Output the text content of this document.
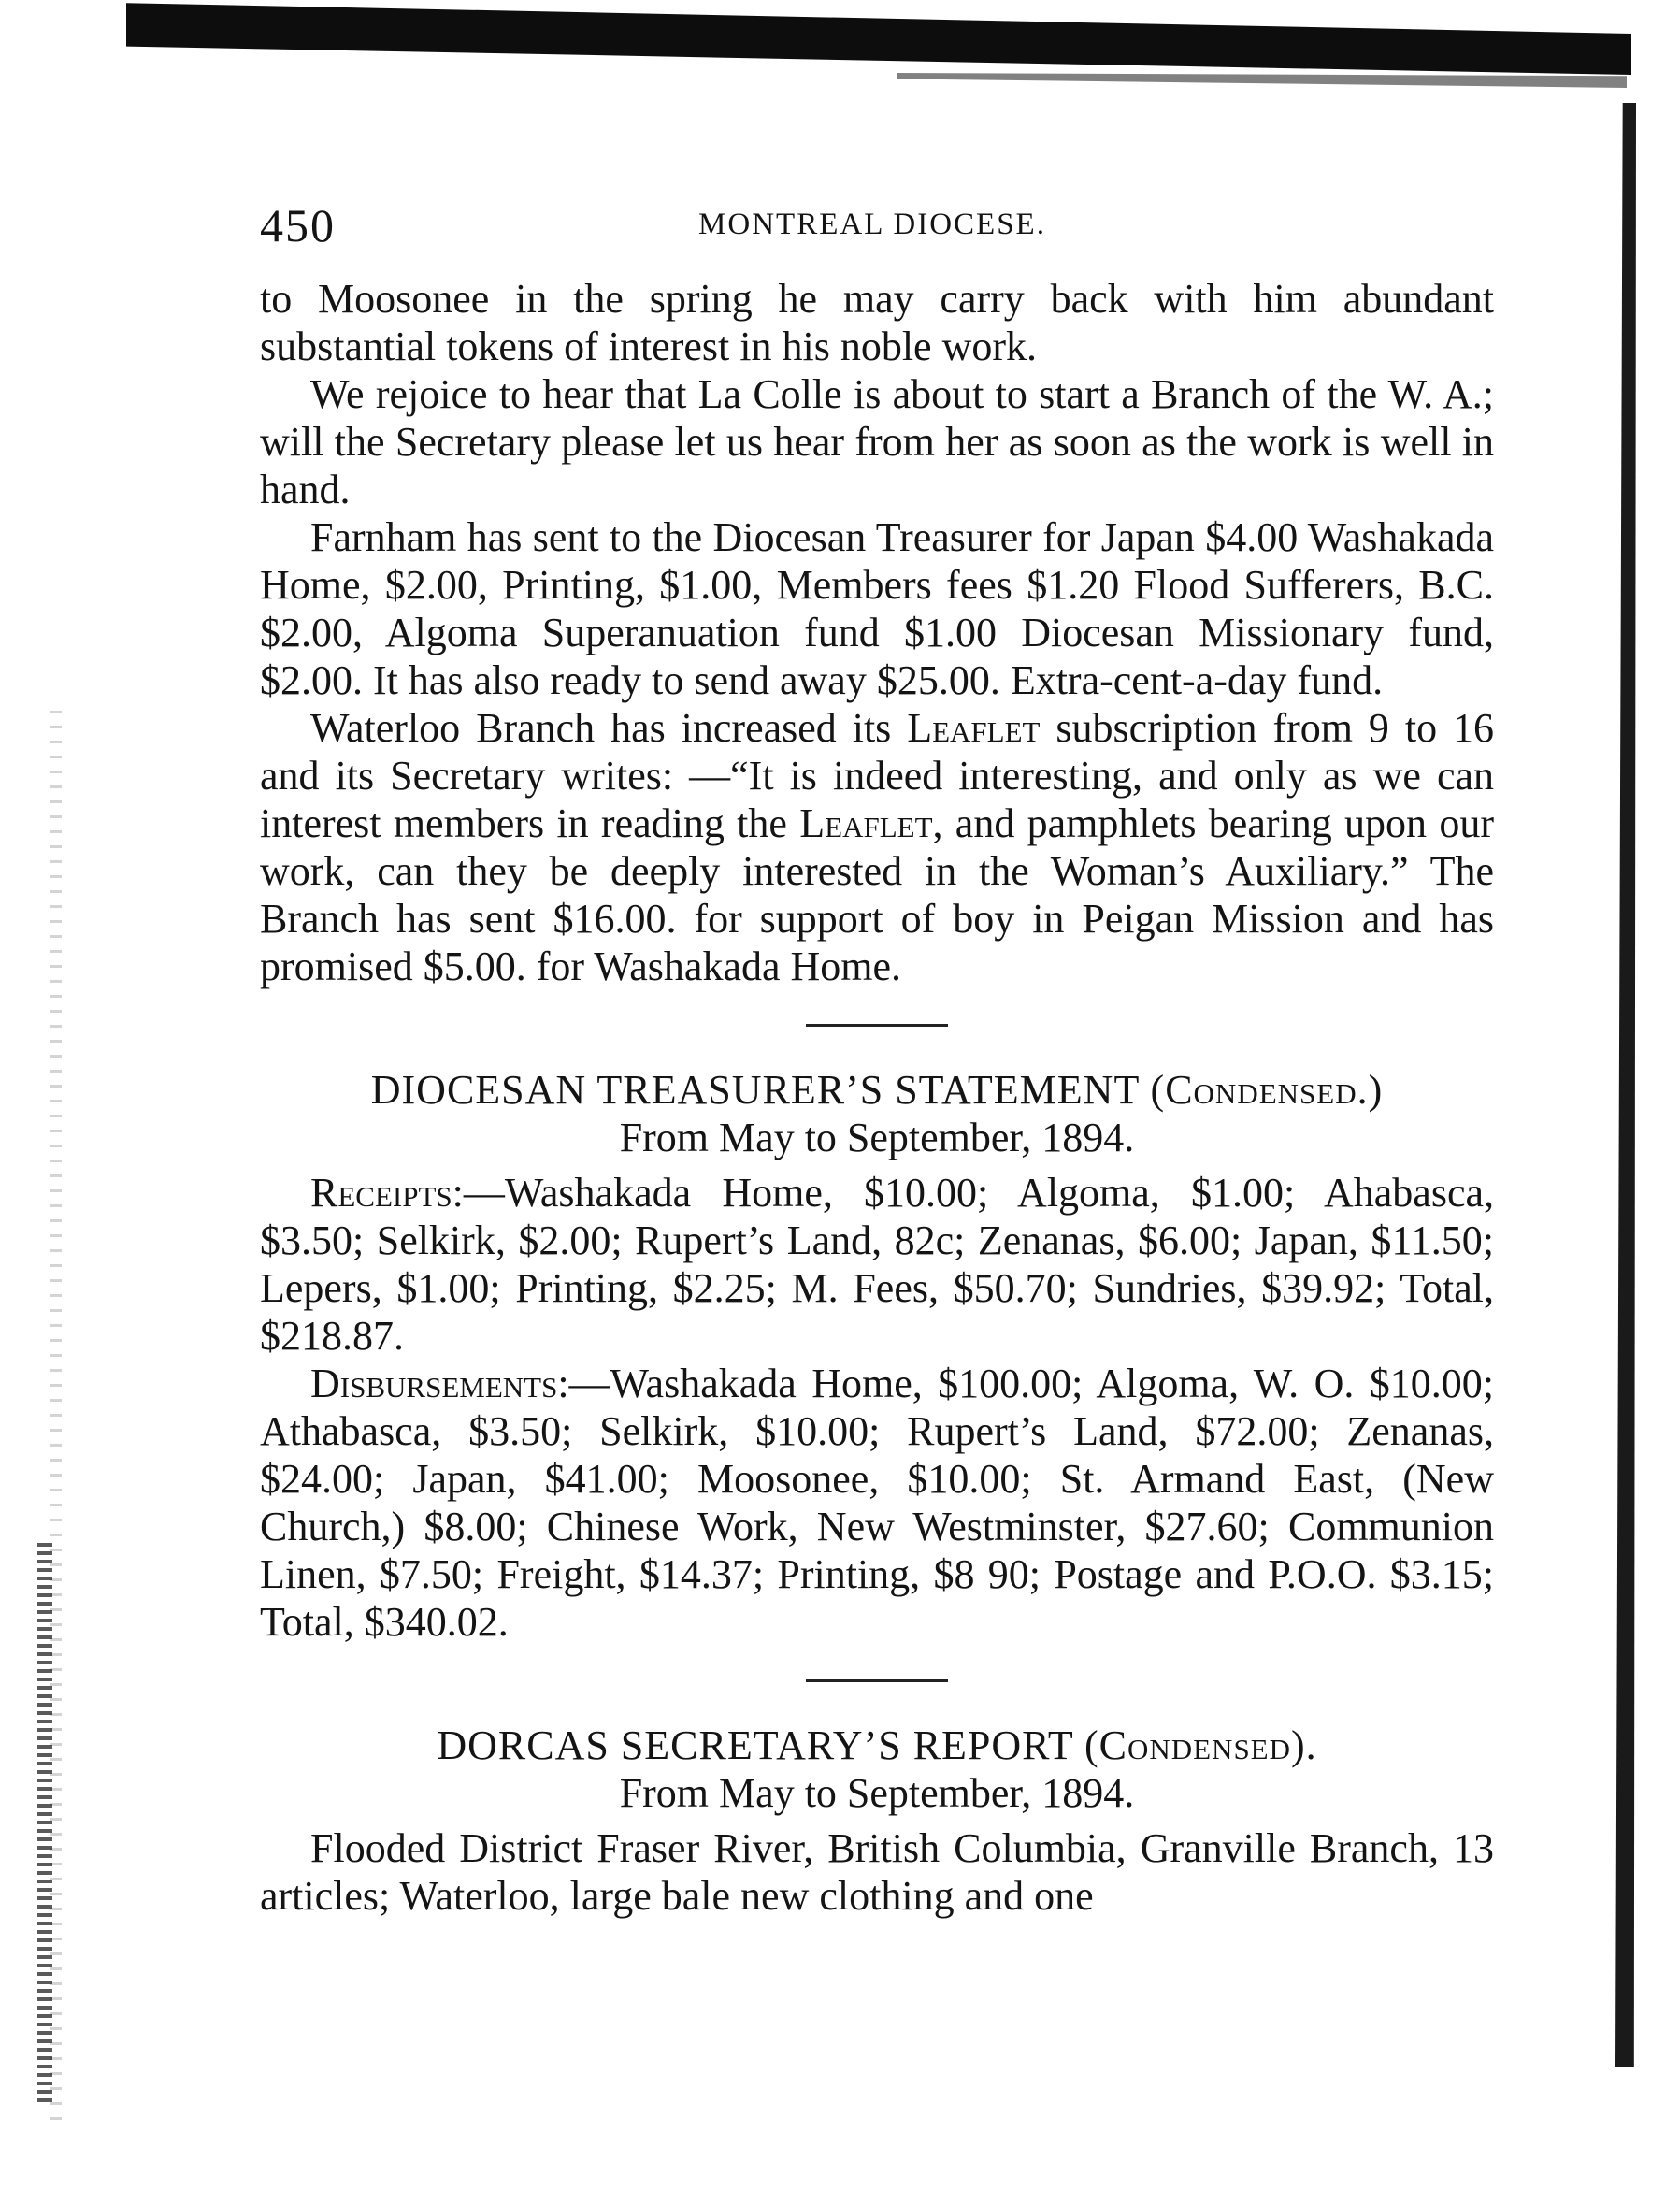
450	MONTREAL DIOCESE.

to Moosonee in the spring he may carry back with him abundant substantial tokens of interest in his noble work.

We rejoice to hear that La Colle is about to start a Branch of the W. A.; will the Secretary please let us hear from her as soon as the work is well in hand.

Farnham has sent to the Diocesan Treasurer for Japan $4.00 Washakada Home, $2.00, Printing, $1.00, Members fees $1.20 Flood Sufferers, B.C. $2.00, Algoma Superanuation fund $1.00 Diocesan Missionary fund, $2.00. It has also ready to send away $25.00. Extra-cent-a-day fund.

Waterloo Branch has increased its Leaflet subscription from 9 to 16 and its Secretary writes: —“It is indeed interesting, and only as we can interest members in reading the Leaflet, and pamphlets bearing upon our work, can they be deeply interested in the Woman’s Auxiliary.” The Branch has sent $16.00. for support of boy in Peigan Mission and has promised $5.00. for Washakada Home.

DIOCESAN TREASURER’S STATEMENT (Condensed.)
From May to September, 1894.

Receipts:—Washakada Home, $10.00; Algoma, $1.00; Ahabasca, $3.50; Selkirk, $2.00; Rupert’s Land, 82c; Zenanas, $6.00; Japan, $11.50; Lepers, $1.00; Printing, $2.25; M. Fees, $50.70; Sundries, $39.92; Total, $218.87.

Disbursements:—Washakada Home, $100.00; Algoma, W. O. $10.00; Athabasca, $3.50; Selkirk, $10.00; Rupert’s Land, $72.00; Zenanas, $24.00; Japan, $41.00; Moosonee, $10.00; St. Armand East, (New Church,) $8.00; Chinese Work, New Westminster, $27.60; Communion Linen, $7.50; Freight, $14.37; Printing, $8 90; Postage and P.O.O. $3.15; Total, $340.02.

DORCAS SECRETARY’S REPORT (Condensed).
From May to September, 1894.

Flooded District Fraser River, British Columbia, Granville Branch, 13 articles; Waterloo, large bale new clothing and one
